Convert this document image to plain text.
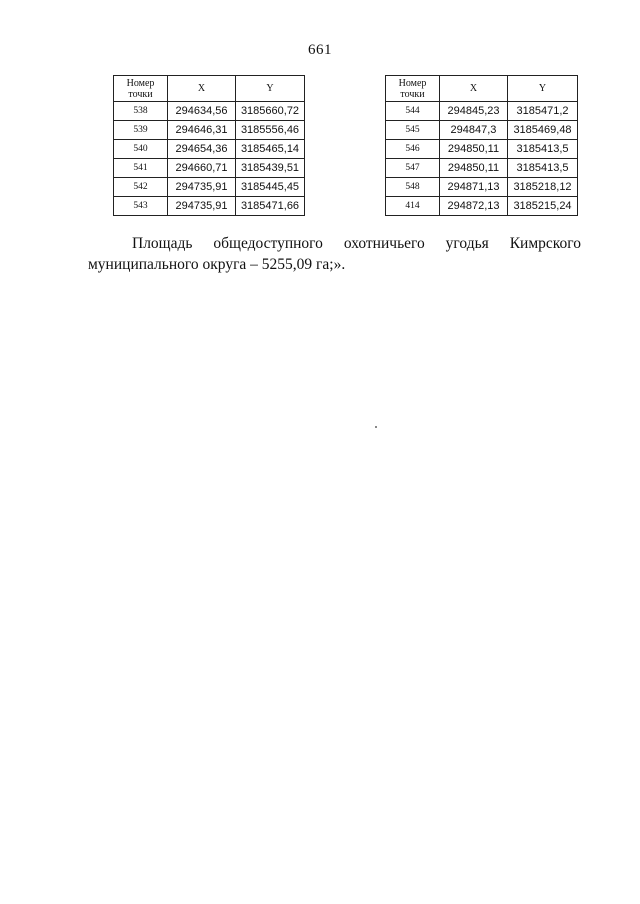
661
Номер точки	X	Y
538	294634,56	3185660,72
539	294646,31	3185556,46
540	294654,36	3185465,14
541	294660,71	3185439,51
542	294735,91	3185445,45
543	294735,91	3185471,66
Номер точки	X	Y
544	294845,23	3185471,2
545	294847,3	3185469,48
546	294850,11	3185413,5
547	294850,11	3185413,5
548	294871,13	3185218,12
414	294872,13	3185215,24
Площадь общедоступного охотничьего угодья Кимрского
муниципального округа – 5255,09 га;».
